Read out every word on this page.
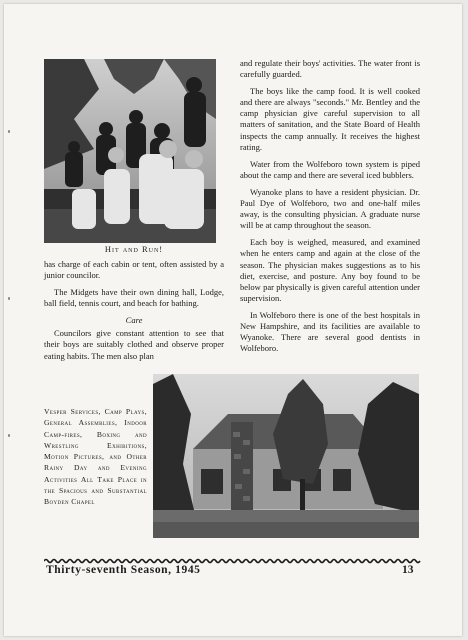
Hit and Run!

has charge of each cabin or tent, often assisted by a junior councilor.

The Midgets have their own dining hall, Lodge, ball field, tennis court, and beach for bathing.

Care

Councilors give constant attention to see that their boys are suitably clothed and observe proper eating habits. The men also plan

and regulate their boys' activities. The water front is carefully guarded.

The boys like the camp food. It is well cooked and there are always "seconds." Mr. Bentley and the camp physician give careful supervision to all matters of sanitation, and the State Board of Health inspects the camp annually. It receives the highest rating.

Water from the Wolfeboro town system is piped about the camp and there are several iced bubblers.

Wyanoke plans to have a resident physician. Dr. Paul Dye of Wolfeboro, two and one-half miles away, is the consulting physician. A graduate nurse will be at camp throughout the season.

Each boy is weighed, measured, and examined when he enters camp and again at the close of the season. The physician makes suggestions as to his diet, exercise, and posture. Any boy found to be below par physically is given careful attention under supervision.

In Wolfeboro there is one of the best hospitals in New Hampshire, and its facilities are available to Wyanoke. There are several good dentists in Wolfeboro.

Vesper Services, Camp Plays, General Assemblies, Indoor Camp-fires, Boxing and Wrestling Exhibitions, Motion Pictures, and Other Rainy Day and Evening Activities All Take Place in the Spacious and Substantial Boyden Chapel
Thirty-seventh Season, 1945	13
